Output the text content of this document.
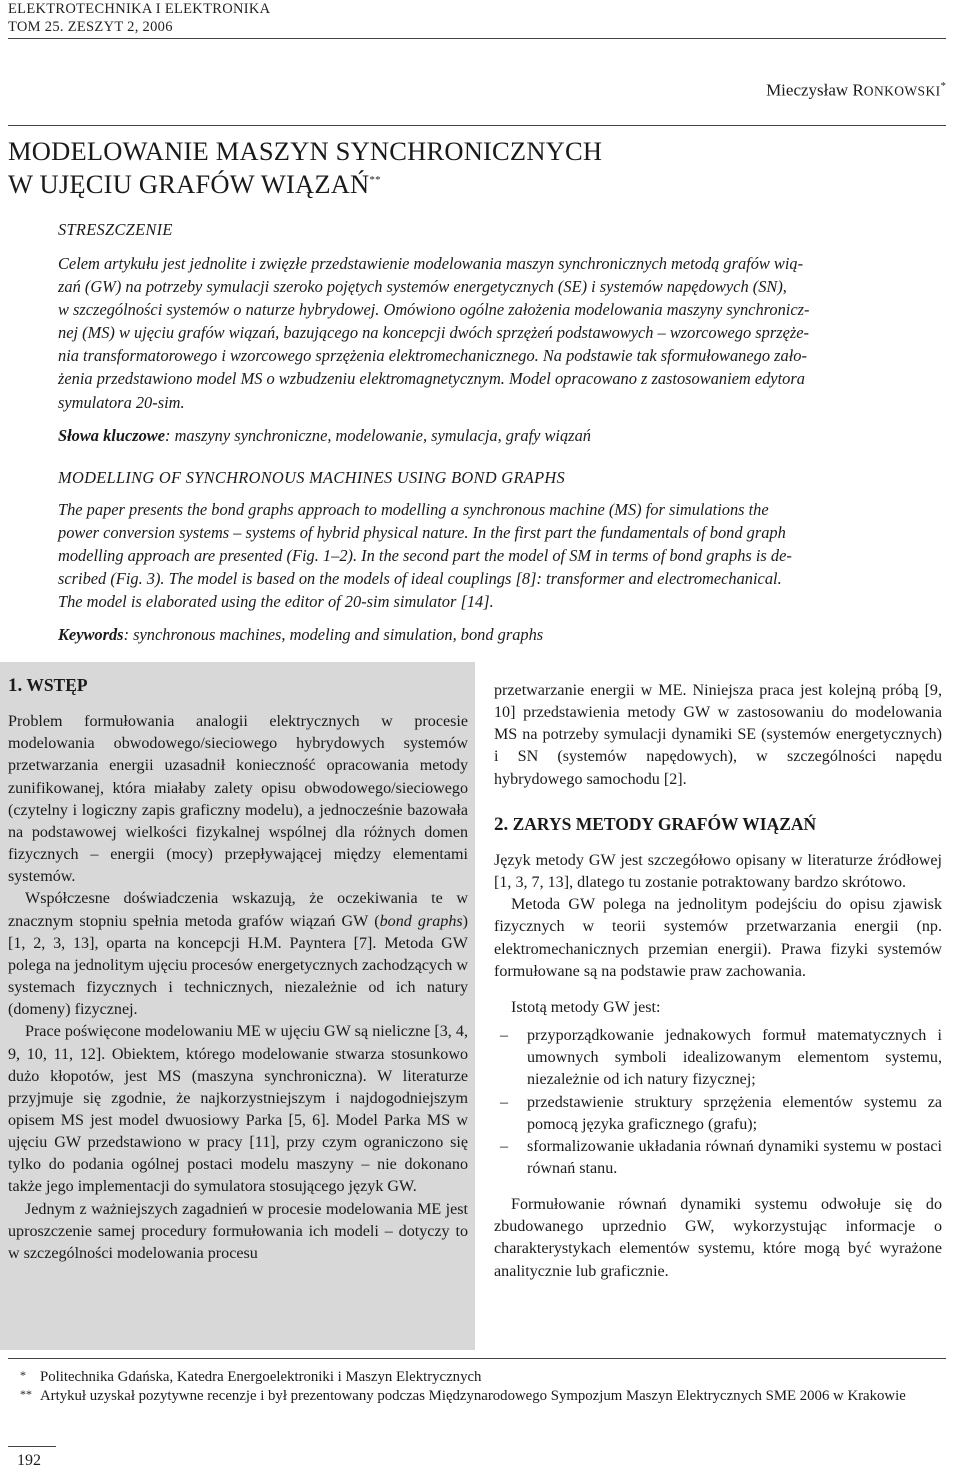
ELEKTROTECHNIKA I ELEKTRONIKA
TOM 25. ZESZYT 2, 2006
Mieczysław RONKOWSKI*
MODELOWANIE MASZYN SYNCHRONICZNYCH
W UJĘCIU GRAFÓW WIĄZAŃ**
STRESZCZENIE
Celem artykułu jest jednolite i zwięzłe przedstawienie modelowania maszyn synchronicznych metodą grafów wią-
zań (GW) na potrzeby symulacji szeroko pojętych systemów energetycznych (SE) i systemów napędowych (SN),
w szczególności systemów o naturze hybrydowej. Omówiono ogólne założenia modelowania maszyny synchronicz-
nej (MS) w ujęciu grafów wiązań, bazującego na koncepcji dwóch sprzężeń podstawowych – wzorcowego sprzęże-
nia transformatorowego i wzorcowego sprzężenia elektromechanicznego. Na podstawie tak sformułowanego zało-
żenia przedstawiono model MS o wzbudzeniu elektromagnetycznym. Model opracowano z zastosowaniem edytora
symulatora 20-sim.
Słowa kluczowe: maszyny synchroniczne, modelowanie, symulacja, grafy wiązań
MODELLING OF SYNCHRONOUS MACHINES USING BOND GRAPHS
The paper presents the bond graphs approach to modelling a synchronous machine (MS) for simulations the
power conversion systems – systems of hybrid physical nature. In the first part the fundamentals of bond graph
modelling approach are presented (Fig. 1–2). In the second part the model of SM in terms of bond graphs is de-
scribed (Fig. 3). The model is based on the models of ideal couplings [8]: transformer and electromechanical.
The model is elaborated using the editor of 20-sim simulator [14].
Keywords: synchronous machines, modeling and simulation, bond graphs
1. WSTĘP

Problem formułowania analogii elektrycznych w procesie modelowania obwodowego/sieciowego hybrydowych systemów przetwarzania energii uzasadnił konieczność opracowania metody zunifikowanej, która miałaby zalety opisu obwodowego/sieciowego (czytelny i logiczny zapis graficzny modelu), a jednocześnie bazowała na podstawowej wielkości fizykalnej wspólnej dla różnych domen fizycznych – energii (mocy) przepływającej między elementami systemów.

Współczesne doświadczenia wskazują, że oczekiwania te w znacznym stopniu spełnia metoda grafów wiązań GW (bond graphs) [1, 2, 3, 13], oparta na koncepcji H.M. Payntera [7]. Metoda GW polega na jednolitym ujęciu procesów energetycznych zachodzących w systemach fizycznych i technicznych, niezależnie od ich natury (domeny) fizycznej.

Prace poświęcone modelowaniu ME w ujęciu GW są nieliczne [3, 4, 9, 10, 11, 12]. Obiektem, którego modelowanie stwarza stosunkowo dużo kłopotów, jest MS (maszyna synchroniczna). W literaturze przyjmuje się zgodnie, że najkorzystniejszym i najdogodniejszym opisem MS jest model dwuosiowy Parka [5, 6]. Model Parka MS w ujęciu GW przedstawiono w pracy [11], przy czym ograniczono się tylko do podania ogólnej postaci modelu maszyny – nie dokonano także jego implementacji do symulatora stosującego język GW.

Jednym z ważniejszych zagadnień w procesie modelowania ME jest uproszczenie samej procedury formułowania ich modeli – dotyczy to w szczególności modelowania procesu

przetwarzanie energii w ME. Niniejsza praca jest kolejną próbą [9, 10] przedstawienia metody GW w zastosowaniu do modelowania MS na potrzeby symulacji dynamiki SE (systemów energetycznych) i SN (systemów napędowych), w szczególności napędu hybrydowego samochodu [2].

2. ZARYS METODY GRAFÓW WIĄZAŃ

Język metody GW jest szczegółowo opisany w literaturze źródłowej [1, 3, 7, 13], dlatego tu zostanie potraktowany bardzo skrótowo.

Metoda GW polega na jednolitym podejściu do opisu zjawisk fizycznych w teorii systemów przetwarzania energii (np. elektromechanicznych przemian energii). Prawa fizyki systemów formułowane są na podstawie praw zachowania.

Istotą metody GW jest:

– przyporządkowanie jednakowych formuł matematycznych i umownych symboli idealizowanym elementom systemu, niezależnie od ich natury fizycznej;
– przedstawienie struktury sprzężenia elementów systemu za pomocą języka graficznego (grafu);
– sformalizowanie układania równań dynamiki systemu w postaci równań stanu.

Formułowanie równań dynamiki systemu odwołuje się do zbudowanego uprzednio GW, wykorzystując informacje o charakterystykach elementów systemu, które mogą być wyrażone analitycznie lub graficznie.

* Politechnika Gdańska, Katedra Energoelektroniki i Maszyn Elektrycznych
** Artykuł uzyskał pozytywne recenzje i był prezentowany podczas Międzynarodowego Sympozjum Maszyn Elektrycznych SME 2006 w Krakowie
192
